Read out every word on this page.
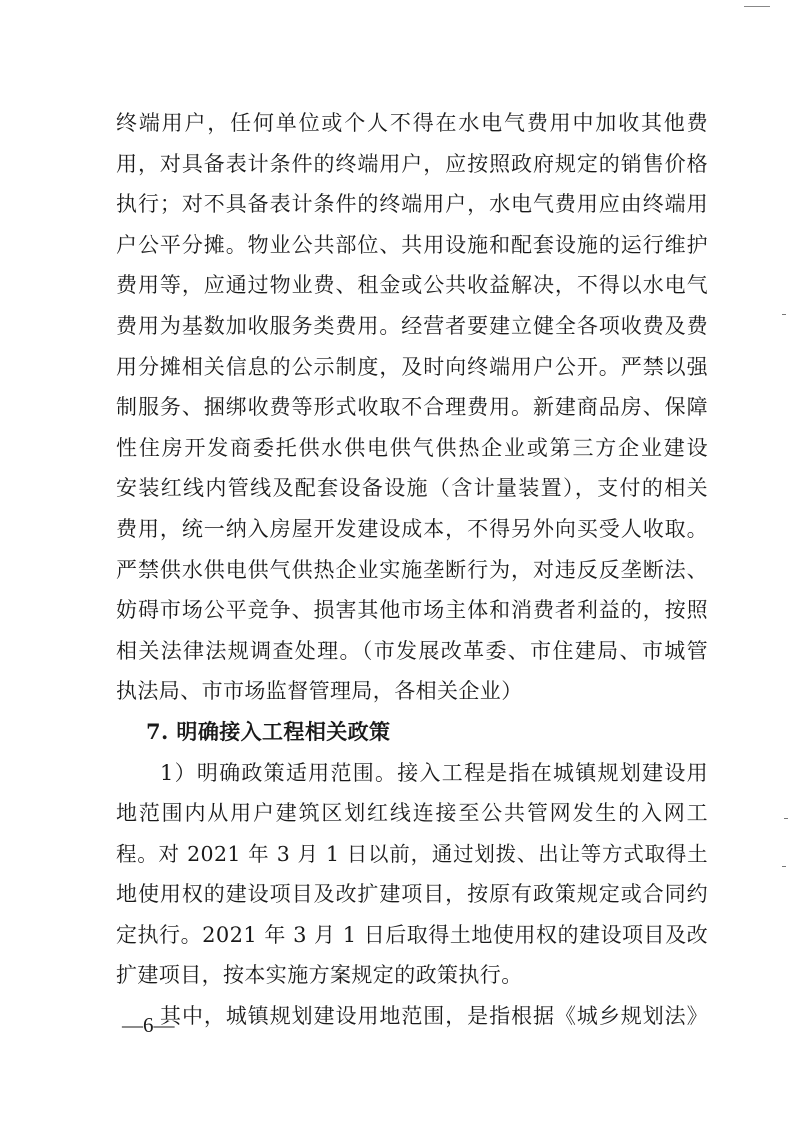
终端用户，任何单位或个人不得在水电气费用中加收其他费
用，对具备表计条件的终端用户，应按照政府规定的销售价格
执行；对不具备表计条件的终端用户，水电气费用应由终端用
户公平分摊。物业公共部位、共用设施和配套设施的运行维护
费用等，应通过物业费、租金或公共收益解决，不得以水电气
费用为基数加收服务类费用。经营者要建立健全各项收费及费
用分摊相关信息的公示制度，及时向终端用户公开。严禁以强
制服务、捆绑收费等形式收取不合理费用。新建商品房、保障
性住房开发商委托供水供电供气供热企业或第三方企业建设
安装红线内管线及配套设备设施（含计量装置），支付的相关
费用，统一纳入房屋开发建设成本，不得另外向买受人收取。
严禁供水供电供气供热企业实施垄断行为，对违反反垄断法、
妨碍市场公平竞争、损害其他市场主体和消费者利益的，按照
相关法律法规调查处理。（市发展改革委、市住建局、市城管
执法局、市市场监督管理局，各相关企业）
7. 明确接入工程相关政策
1）明确政策适用范围。接入工程是指在城镇规划建设用
地范围内从用户建筑区划红线连接至公共管网发生的入网工
程。对 2021 年 3 月 1 日以前，通过划拨、出让等方式取得土
地使用权的建设项目及改扩建项目，按原有政策规定或合同约
定执行。2021 年 3 月 1 日后取得土地使用权的建设项目及改
扩建项目，按本实施方案规定的政策执行。
其中，城镇规划建设用地范围，是指根据《城乡规划法》
—6—
